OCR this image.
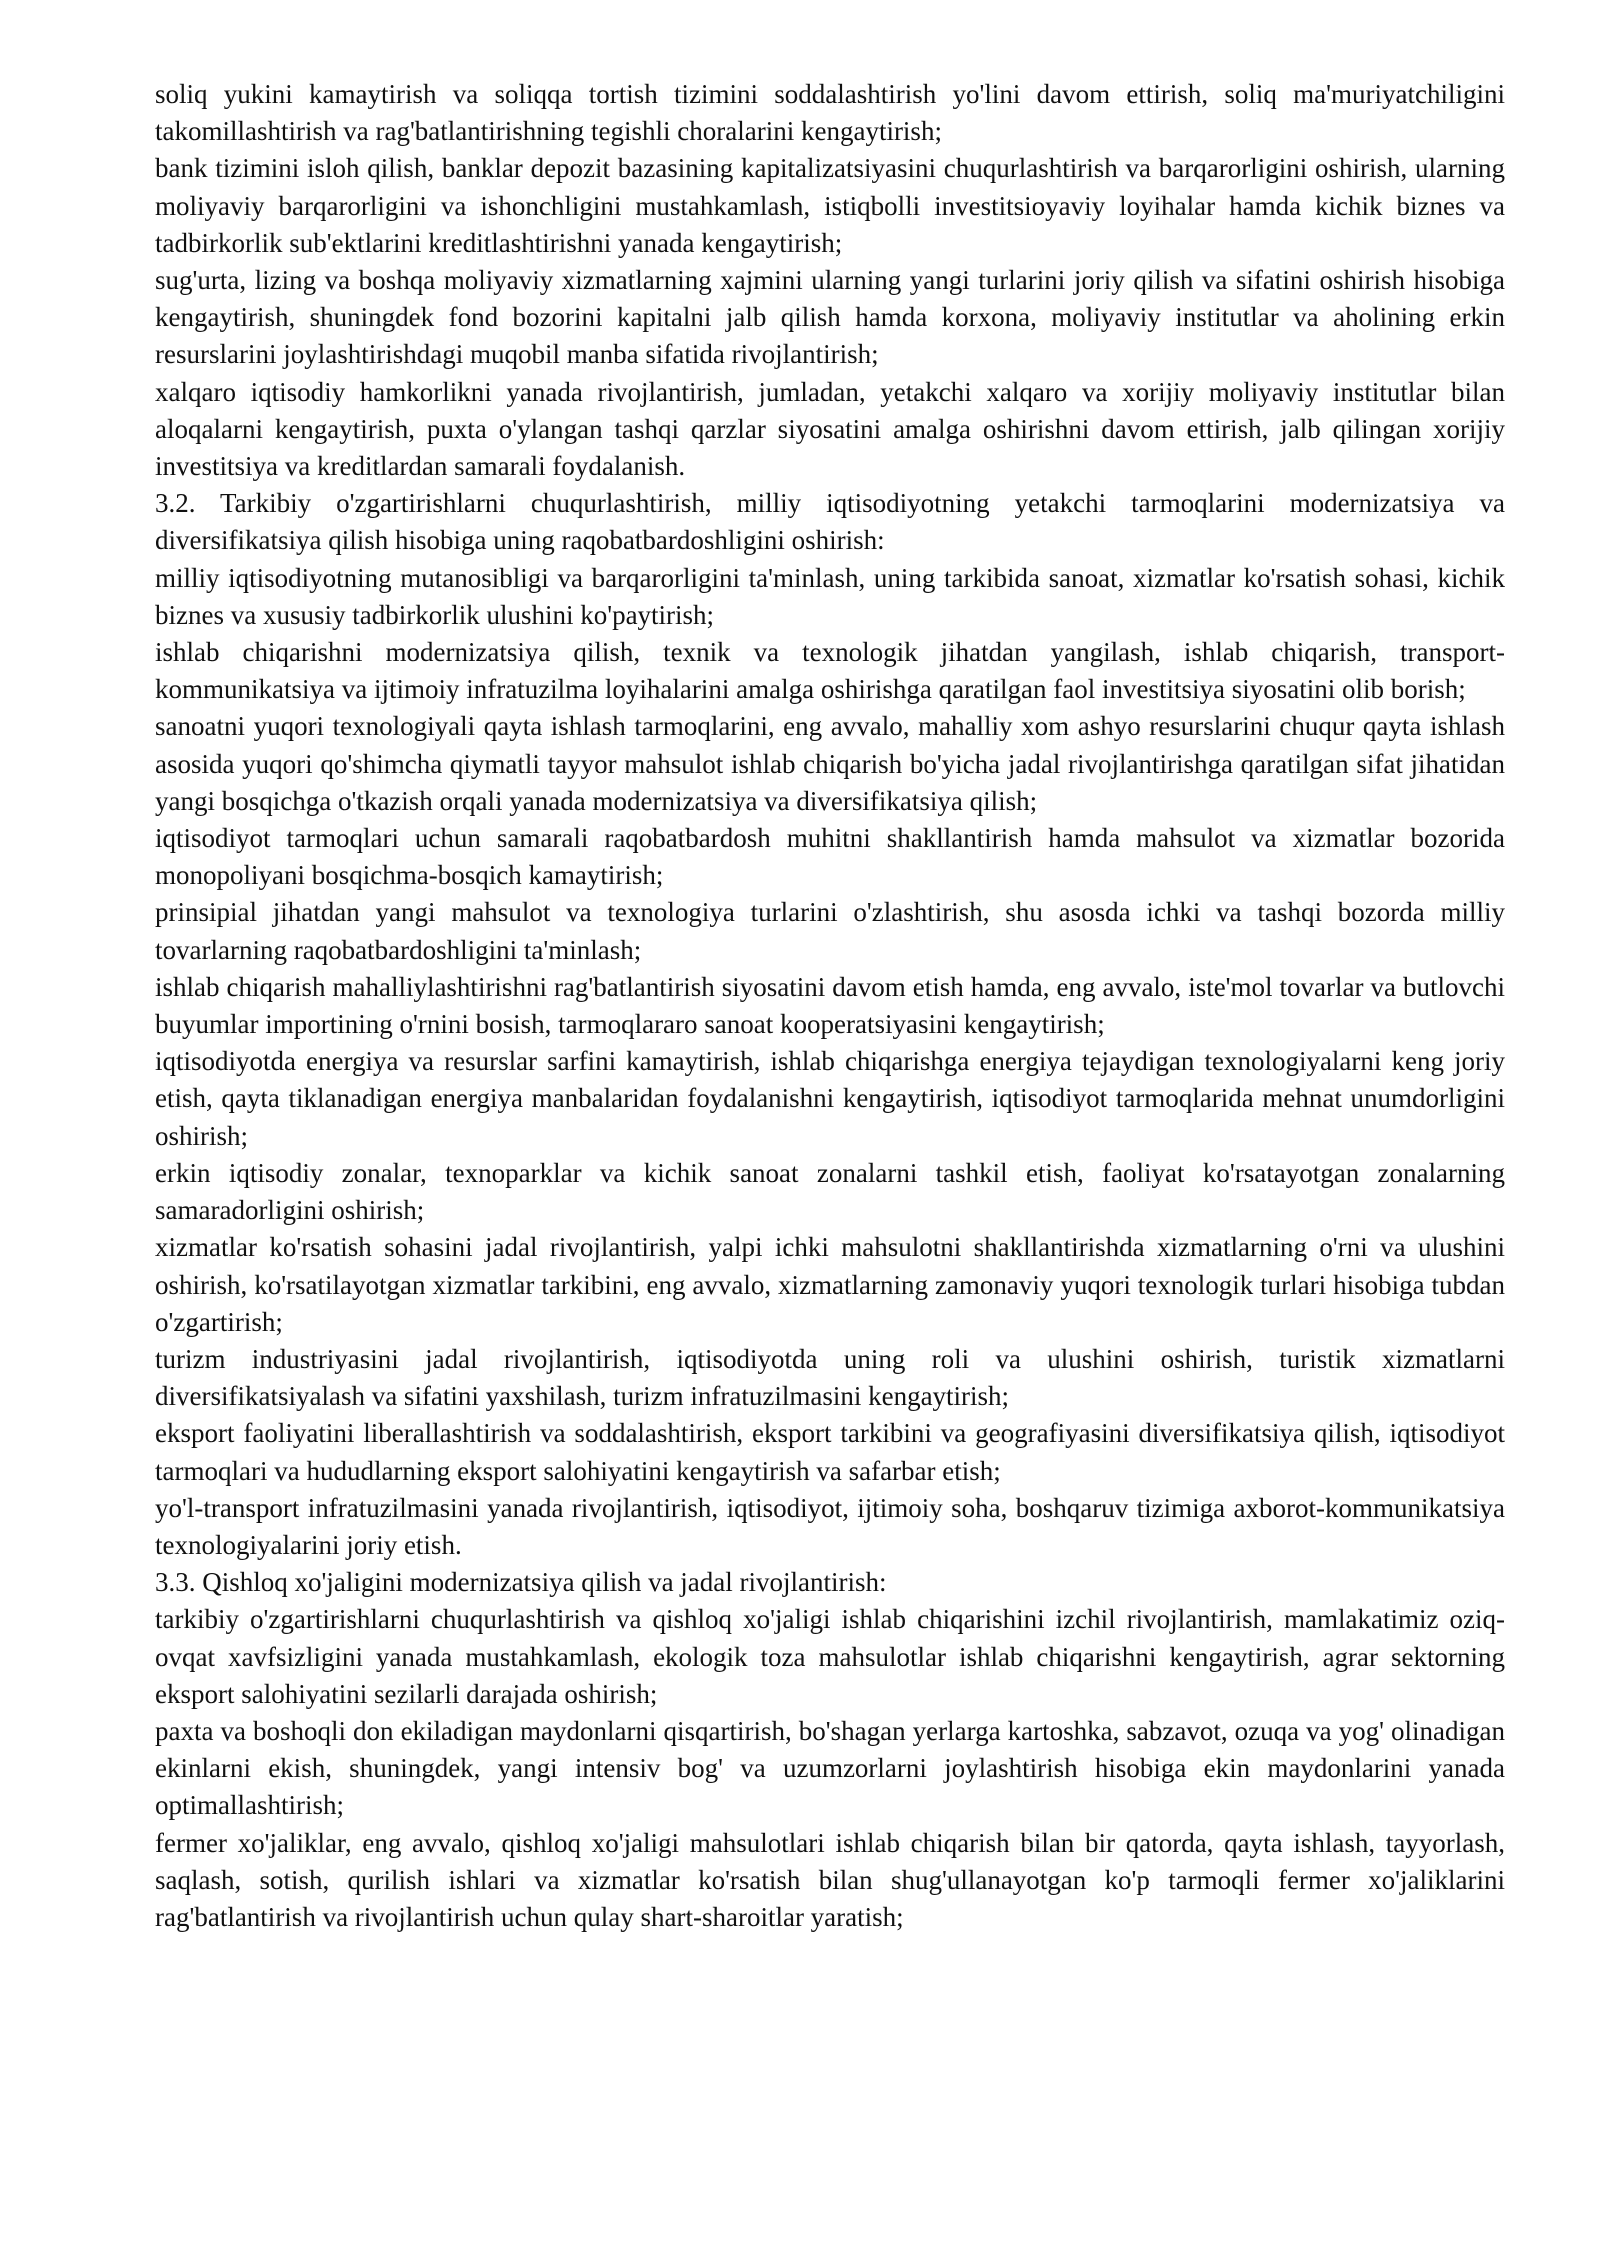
soliq yukini kamaytirish va soliqqa tortish tizimini soddalashtirish yo'lini davom ettirish, soliq ma'muriyatchiligini takomillashtirish va rag'batlantirishning tegishli choralarini kengaytirish;

bank tizimini isloh qilish, banklar depozit bazasining kapitalizatsiyasini chuqurlashtirish va barqarorligini oshirish, ularning moliyaviy barqarorligini va ishonchligini mustahkamlash, istiqbolli investitsioyaviy loyihalar hamda kichik biznes va tadbirkorlik sub'ektlarini kreditlashtirishni yanada kengaytirish;

sug'urta, lizing va boshqa moliyaviy xizmatlarning xajmini ularning yangi turlarini joriy qilish va sifatini oshirish hisobiga kengaytirish, shuningdek fond bozorini kapitalni jalb qilish hamda korxona, moliyaviy institutlar va aholining erkin resurslarini joylashtirishdagi muqobil manba sifatida rivojlantirish;

xalqaro iqtisodiy hamkorlikni yanada rivojlantirish, jumladan, yetakchi xalqaro va xorijiy moliyaviy institutlar bilan aloqalarni kengaytirish, puxta o'ylangan tashqi qarzlar siyosatini amalga oshirishni davom ettirish, jalb qilingan xorijiy investitsiya va kreditlardan samarali foydalanish.

3.2. Tarkibiy o'zgartirishlarni chuqurlashtirish, milliy iqtisodiyotning yetakchi tarmoqlarini modernizatsiya va diversifikatsiya qilish hisobiga uning raqobatbardoshligini oshirish:

milliy iqtisodiyotning mutanosibligi va barqarorligini ta'minlash, uning tarkibida sanoat, xizmatlar ko'rsatish sohasi, kichik biznes va xususiy tadbirkorlik ulushini ko'paytirish;

ishlab chiqarishni modernizatsiya qilish, texnik va texnologik jihatdan yangilash, ishlab chiqarish, transport-kommunikatsiya va ijtimoiy infratuzilma loyihalarini amalga oshirishga qaratilgan faol investitsiya siyosatini olib borish;

sanoatni yuqori texnologiyali qayta ishlash tarmoqlarini, eng avvalo, mahalliy xom ashyo resurslarini chuqur qayta ishlash asosida yuqori qo'shimcha qiymatli tayyor mahsulot ishlab chiqarish bo'yicha jadal rivojlantirishga qaratilgan sifat jihatidan yangi bosqichga o'tkazish orqali yanada modernizatsiya va diversifikatsiya qilish;

iqtisodiyot tarmoqlari uchun samarali raqobatbardosh muhitni shakllantirish hamda mahsulot va xizmatlar bozorida monopoliyani bosqichma-bosqich kamaytirish;

prinsipial jihatdan yangi mahsulot va texnologiya turlarini o'zlashtirish, shu asosda ichki va tashqi bozorda milliy tovarlarning raqobatbardoshligini ta'minlash;

ishlab chiqarish mahalliylashtirishni rag'batlantirish siyosatini davom etish hamda, eng avvalo, iste'mol tovarlar va butlovchi buyumlar importining o'rnini bosish, tarmoqlararo sanoat kooperatsiyasini kengaytirish;

iqtisodiyotda energiya va resurslar sarfini kamaytirish, ishlab chiqarishga energiya tejaydigan texnologiyalarni keng joriy etish, qayta tiklanadigan energiya manbalaridan foydalanishni kengaytirish, iqtisodiyot tarmoqlarida mehnat unumdorligini oshirish;

erkin iqtisodiy zonalar, texnoparklar va kichik sanoat zonalarni tashkil etish, faoliyat ko'rsatayotgan zonalarning samaradorligini oshirish;

xizmatlar ko'rsatish sohasini jadal rivojlantirish, yalpi ichki mahsulotni shakllantirishda xizmatlarning o'rni va ulushini oshirish, ko'rsatilayotgan xizmatlar tarkibini, eng avvalo, xizmatlarning zamonaviy yuqori texnologik turlari hisobiga tubdan o'zgartirish;

turizm industriyasini jadal rivojlantirish, iqtisodiyotda uning roli va ulushini oshirish, turistik xizmatlarni diversifikatsiyalash va sifatini yaxshilash, turizm infratuzilmasini kengaytirish;

eksport faoliyatini liberallashtirish va soddalashtirish, eksport tarkibini va geografiyasini diversifikatsiya qilish, iqtisodiyot tarmoqlari va hududlarning eksport salohiyatini kengaytirish va safarbar etish;

yo'l-transport infratuzilmasini yanada rivojlantirish, iqtisodiyot, ijtimoiy soha, boshqaruv tizimiga axborot-kommunikatsiya texnologiyalarini joriy etish.

3.3. Qishloq xo'jaligini modernizatsiya qilish va jadal rivojlantirish:

tarkibiy o'zgartirishlarni chuqurlashtirish va qishloq xo'jaligi ishlab chiqarishini izchil rivojlantirish, mamlakatimiz oziq-ovqat xavfsizligini yanada mustahkamlash, ekologik toza mahsulotlar ishlab chiqarishni kengaytirish, agrar sektorning eksport salohiyatini sezilarli darajada oshirish;

paxta va boshoqli don ekiladigan maydonlarni qisqartirish, bo'shagan yerlarga kartoshka, sabzavot, ozuqa va yog' olinadigan ekinlarni ekish, shuningdek, yangi intensiv bog' va uzumzorlarni joylashtirish hisobiga ekin maydonlarini yanada optimallashtirish;

fermer xo'jaliklar, eng avvalo, qishloq xo'jaligi mahsulotlari ishlab chiqarish bilan bir qatorda, qayta ishlash, tayyorlash, saqlash, sotish, qurilish ishlari va xizmatlar ko'rsatish bilan shug'ullanayotgan ko'p tarmoqli fermer xo'jaliklarini rag'batlantirish va rivojlantirish uchun qulay shart-sharoitlar yaratish;
